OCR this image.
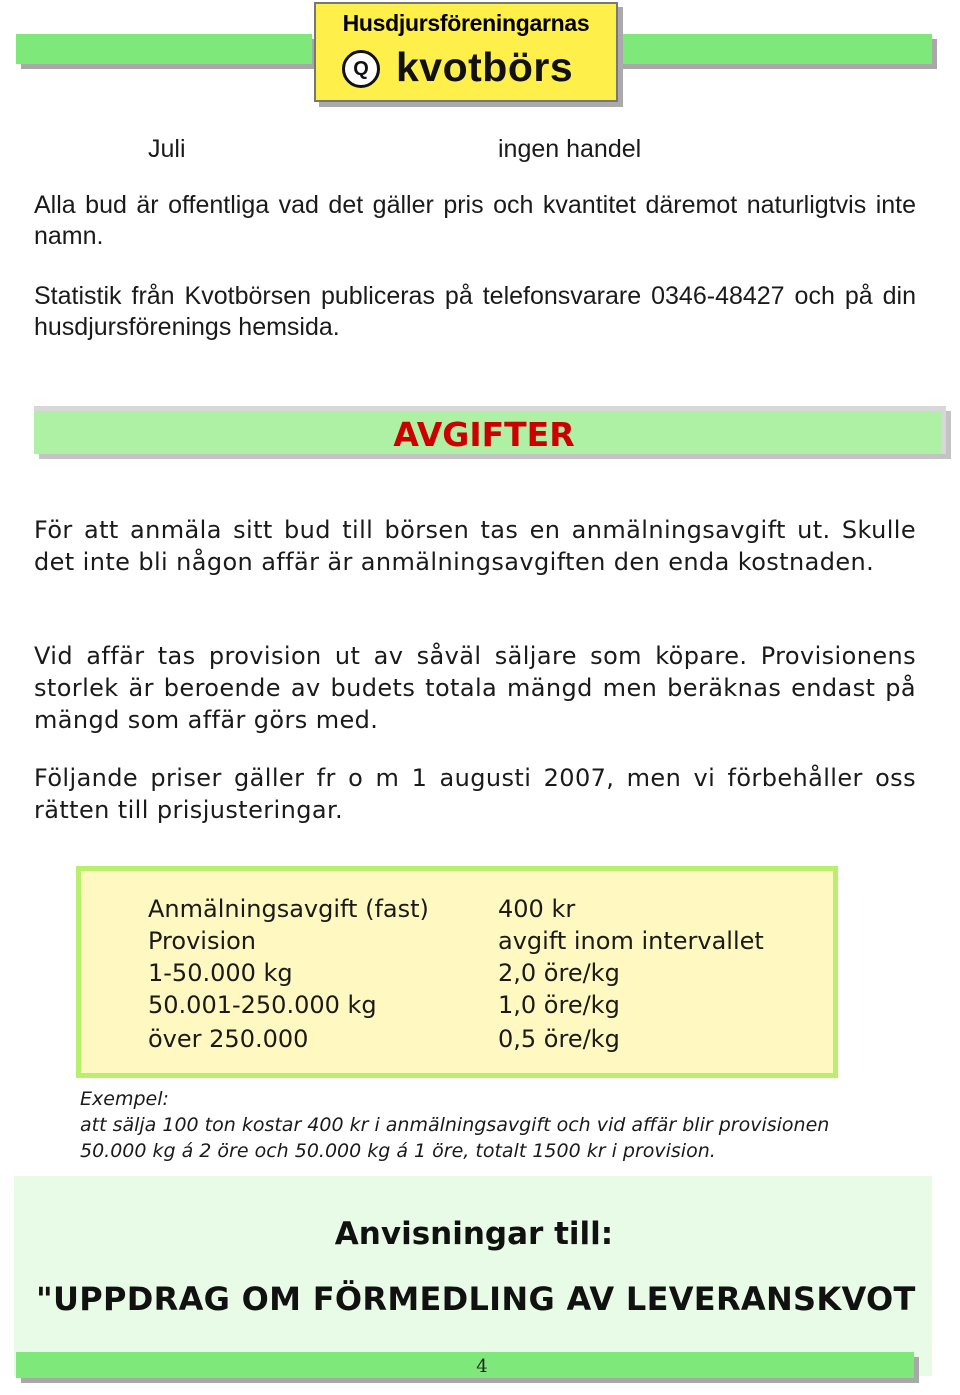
Husdjursföreningarnas
Q kvotbörs
Juli	ingen handel
Alla bud är offentliga vad det gäller pris och kvantitet däremot naturligtvis inte namn.
Statistik från Kvotbörsen publiceras på telefonsvarare 0346-48427 och på din husdjursförenings hemsida.
AVGIFTER
För att anmäla sitt bud till börsen tas en anmälningsavgift ut. Skulle det inte bli någon affär är anmälningsavgiften den enda kostnaden.
Vid affär tas provision ut av såväl säljare som köpare. Provisionens storlek är beroende av budets totala mängd men beräknas endast på mängd som affär görs med.
Följande priser gäller fr o m 1 augusti 2007, men vi förbehåller oss rätten till prisjusteringar.
Anmälningsavgift (fast)	400 kr
Provision	avgift inom intervallet
1-50.000 kg	2,0 öre/kg
50.001-250.000 kg	1,0 öre/kg
över 250.000	0,5 öre/kg
Exempel:
att sälja 100 ton kostar 400 kr i anmälningsavgift och vid affär blir provisionen 50.000 kg á 2 öre och 50.000 kg á 1 öre, totalt 1500 kr i provision.
Anvisningar till:
"UPPDRAG OM FÖRMEDLING AV LEVERANSKVOT
4
